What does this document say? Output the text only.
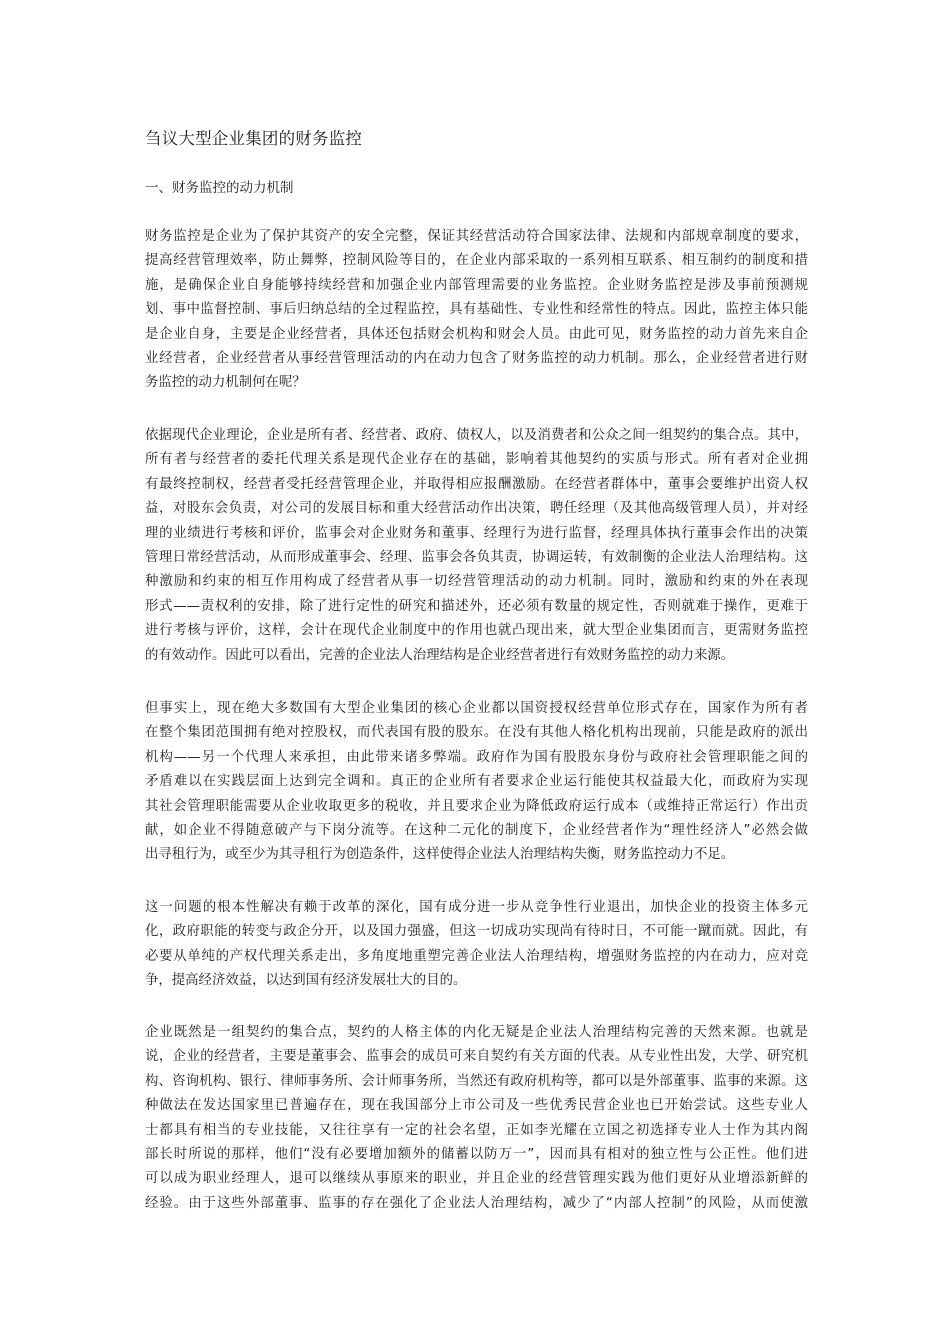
刍议大型企业集团的财务监控
一、财务监控的动力机制
财务监控是企业为了保护其资产的安全完整，保证其经营活动符合国家法律、法规和内部规章制度的要求，
提高经营管理效率，防止舞弊，控制风险等目的，在企业内部采取的一系列相互联系、相互制约的制度和措
施，是确保企业自身能够持续经营和加强企业内部管理需要的业务监控。企业财务监控是涉及事前预测规
划、事中监督控制、事后归纳总结的全过程监控，具有基础性、专业性和经常性的特点。因此，监控主体只能
是企业自身，主要是企业经营者，具体还包括财会机构和财会人员。由此可见，财务监控的动力首先来自企
业经营者，企业经营者从事经营管理活动的内在动力包含了财务监控的动力机制。那么，企业经营者进行财
务监控的动力机制何在呢？
依据现代企业理论，企业是所有者、经营者、政府、债权人，以及消费者和公众之间一组契约的集合点。其中，
所有者与经营者的委托代理关系是现代企业存在的基础，影响着其他契约的实质与形式。所有者对企业拥
有最终控制权，经营者受托经营管理企业，并取得相应报酬激励。在经营者群体中，董事会要维护出资人权
益，对股东会负责，对公司的发展目标和重大经营活动作出决策，聘任经理（及其他高级管理人员），并对经
理的业绩进行考核和评价，监事会对企业财务和董事、经理行为进行监督，经理具体执行董事会作出的决策
管理日常经营活动，从而形成董事会、经理、监事会各负其责，协调运转，有效制衡的企业法人治理结构。这
种激励和约束的相互作用构成了经营者从事一切经营管理活动的动力机制。同时，激励和约束的外在表现
形式——责权利的安排，除了进行定性的研究和描述外，还必须有数量的规定性，否则就难于操作，更难于
进行考核与评价，这样，会计在现代企业制度中的作用也就凸现出来，就大型企业集团而言，更需财务监控
的有效动作。因此可以看出，完善的企业法人治理结构是企业经营者进行有效财务监控的动力来源。
但事实上，现在绝大多数国有大型企业集团的核心企业都以国资授权经营单位形式存在，国家作为所有者
在整个集团范围拥有绝对控股权，而代表国有股的股东。在没有其他人格化机构出现前，只能是政府的派出
机构——另一个代理人来承担，由此带来诸多弊端。政府作为国有股股东身份与政府社会管理职能之间的
矛盾难以在实践层面上达到完全调和。真正的企业所有者要求企业运行能使其权益最大化，而政府为实现
其社会管理职能需要从企业收取更多的税收，并且要求企业为降低政府运行成本（或维持正常运行）作出贡
献，如企业不得随意破产与下岗分流等。在这种二元化的制度下，企业经营者作为“理性经济人”必然会做
出寻租行为，或至少为其寻租行为创造条件，这样使得企业法人治理结构失衡，财务监控动力不足。
这一问题的根本性解决有赖于改革的深化，国有成分进一步从竞争性行业退出，加快企业的投资主体多元
化，政府职能的转变与政企分开，以及国力强盛，但这一切成功实现尚有待时日，不可能一蹴而就。因此，有
必要从单纯的产权代理关系走出，多角度地重塑完善企业法人治理结构，增强财务监控的内在动力，应对竞
争，提高经济效益，以达到国有经济发展壮大的目的。
企业既然是一组契约的集合点，契约的人格主体的内化无疑是企业法人治理结构完善的天然来源。也就是
说，企业的经营者，主要是董事会、监事会的成员可来自契约有关方面的代表。从专业性出发，大学、研究机
构、咨询机构、银行、律师事务所、会计师事务所，当然还有政府机构等，都可以是外部董事、监事的来源。这
种做法在发达国家里已普遍存在，现在我国部分上市公司及一些优秀民营企业也已开始尝试。这些专业人
士都具有相当的专业技能，又往往享有一定的社会名望，正如李光耀在立国之初选择专业人士作为其内阁
部长时所说的那样，他们“没有必要增加额外的储蓄以防万一”，因而具有相对的独立性与公正性。他们进
可以成为职业经理人，退可以继续从事原来的职业，并且企业的经营管理实践为他们更好从业增添新鲜的
经验。由于这些外部董事、监事的存在强化了企业法人治理结构，减少了“内部人控制”的风险，从而使激
